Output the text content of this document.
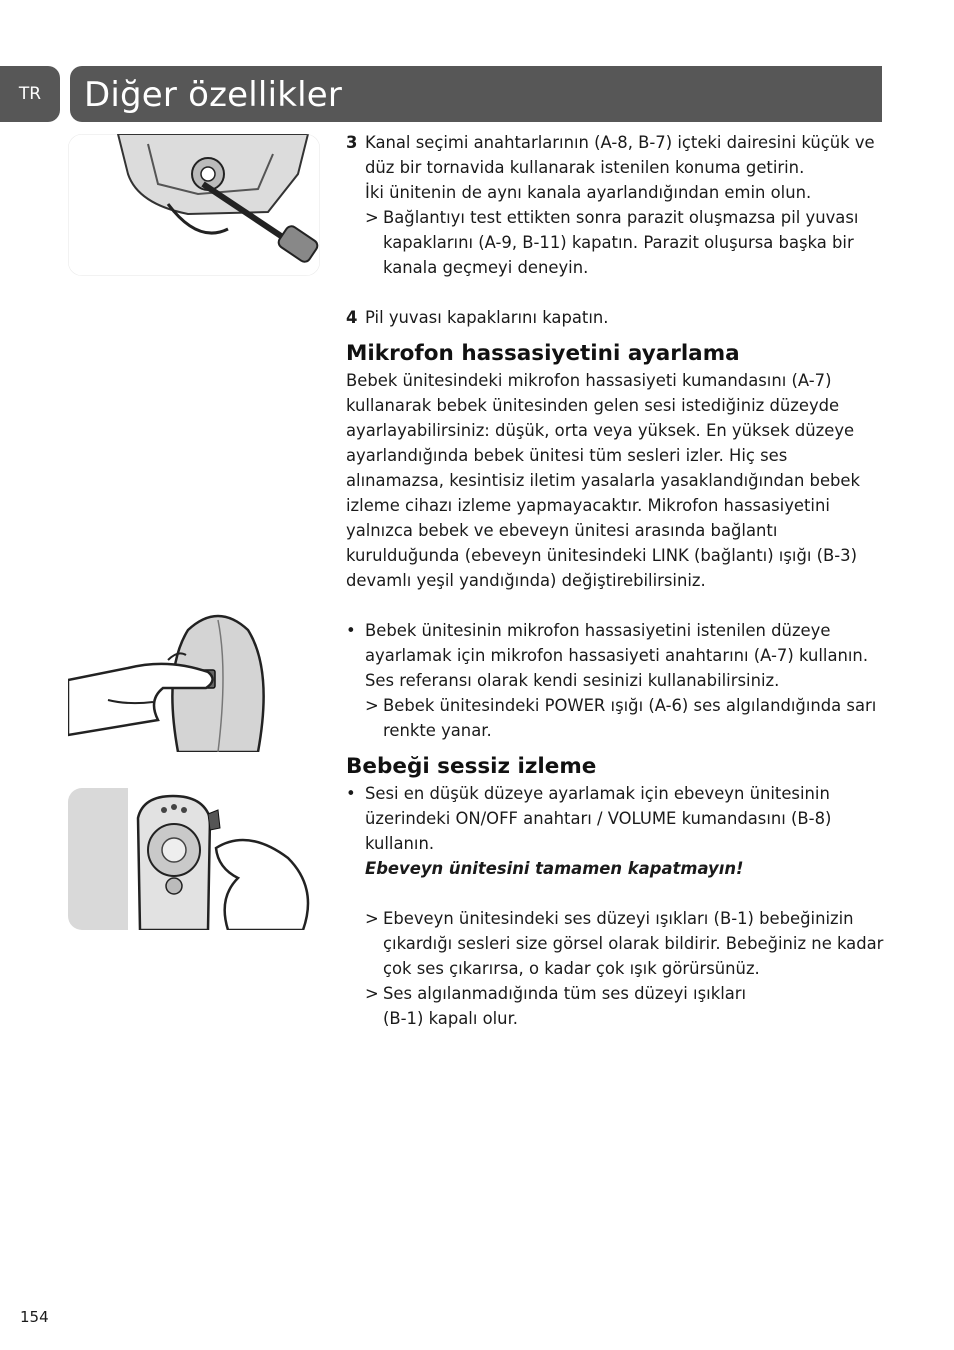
TR	Diğer özellikler
3 Kanal seçimi anahtarlarının (A-8, B-7) içteki dairesini küçük ve düz bir tornavida kullanarak istenilen konuma getirin.

İki ünitenin de aynı kanala ayarlandığından emin olun.

> Bağlantıyı test ettikten sonra parazit oluşmazsa pil yuvası kapaklarını (A-9, B-11) kapatın. Parazit oluşursa başka bir kanala geçmeyi deneyin.

4 Pil yuvası kapaklarını kapatın.

Mikrofon hassasiyetini ayarlama

Bebek ünitesindeki mikrofon hassasiyeti kumandasını (A-7) kullanarak bebek ünitesinden gelen sesi istediğiniz düzeyde ayarlayabilirsiniz: düşük, orta veya yüksek. En yüksek düzeye ayarlandığında bebek ünitesi tüm sesleri izler. Hiç ses alınamazsa, kesintisiz iletim yasalarla yasaklandığından bebek izleme cihazı izleme yapmayacaktır. Mikrofon hassasiyetini yalnızca bebek ve ebeveyn ünitesi arasında bağlantı kurulduğunda (ebeveyn ünitesindeki LINK (bağlantı) ışığı (B-3) devamlı yeşil yandığında) değiştirebilirsiniz.

• Bebek ünitesinin mikrofon hassasiyetini istenilen düzeye ayarlamak için mikrofon hassasiyeti anahtarını (A-7) kullanın. Ses referansı olarak kendi sesinizi kullanabilirsiniz.

> Bebek ünitesindeki POWER ışığı (A-6) ses algılandığında sarı renkte yanar.

Bebeği sessiz izleme
• Sesi en düşük düzeye ayarlamak için ebeveyn ünitesinin üzerindeki ON/OFF anahtarı / VOLUME kumandasını (B-8) kullanın.

Ebeveyn ünitesini tamamen kapatmayın!

> Ebeveyn ünitesindeki ses düzeyi ışıkları (B-1) bebeğinizin çıkardığı sesleri size görsel olarak bildirir. Bebeğiniz ne kadar çok ses çıkarırsa, o kadar çok ışık görürsünüz.

> Ses algılanmadığında tüm ses düzeyi ışıkları
(B-1) kapalı olur.

154
